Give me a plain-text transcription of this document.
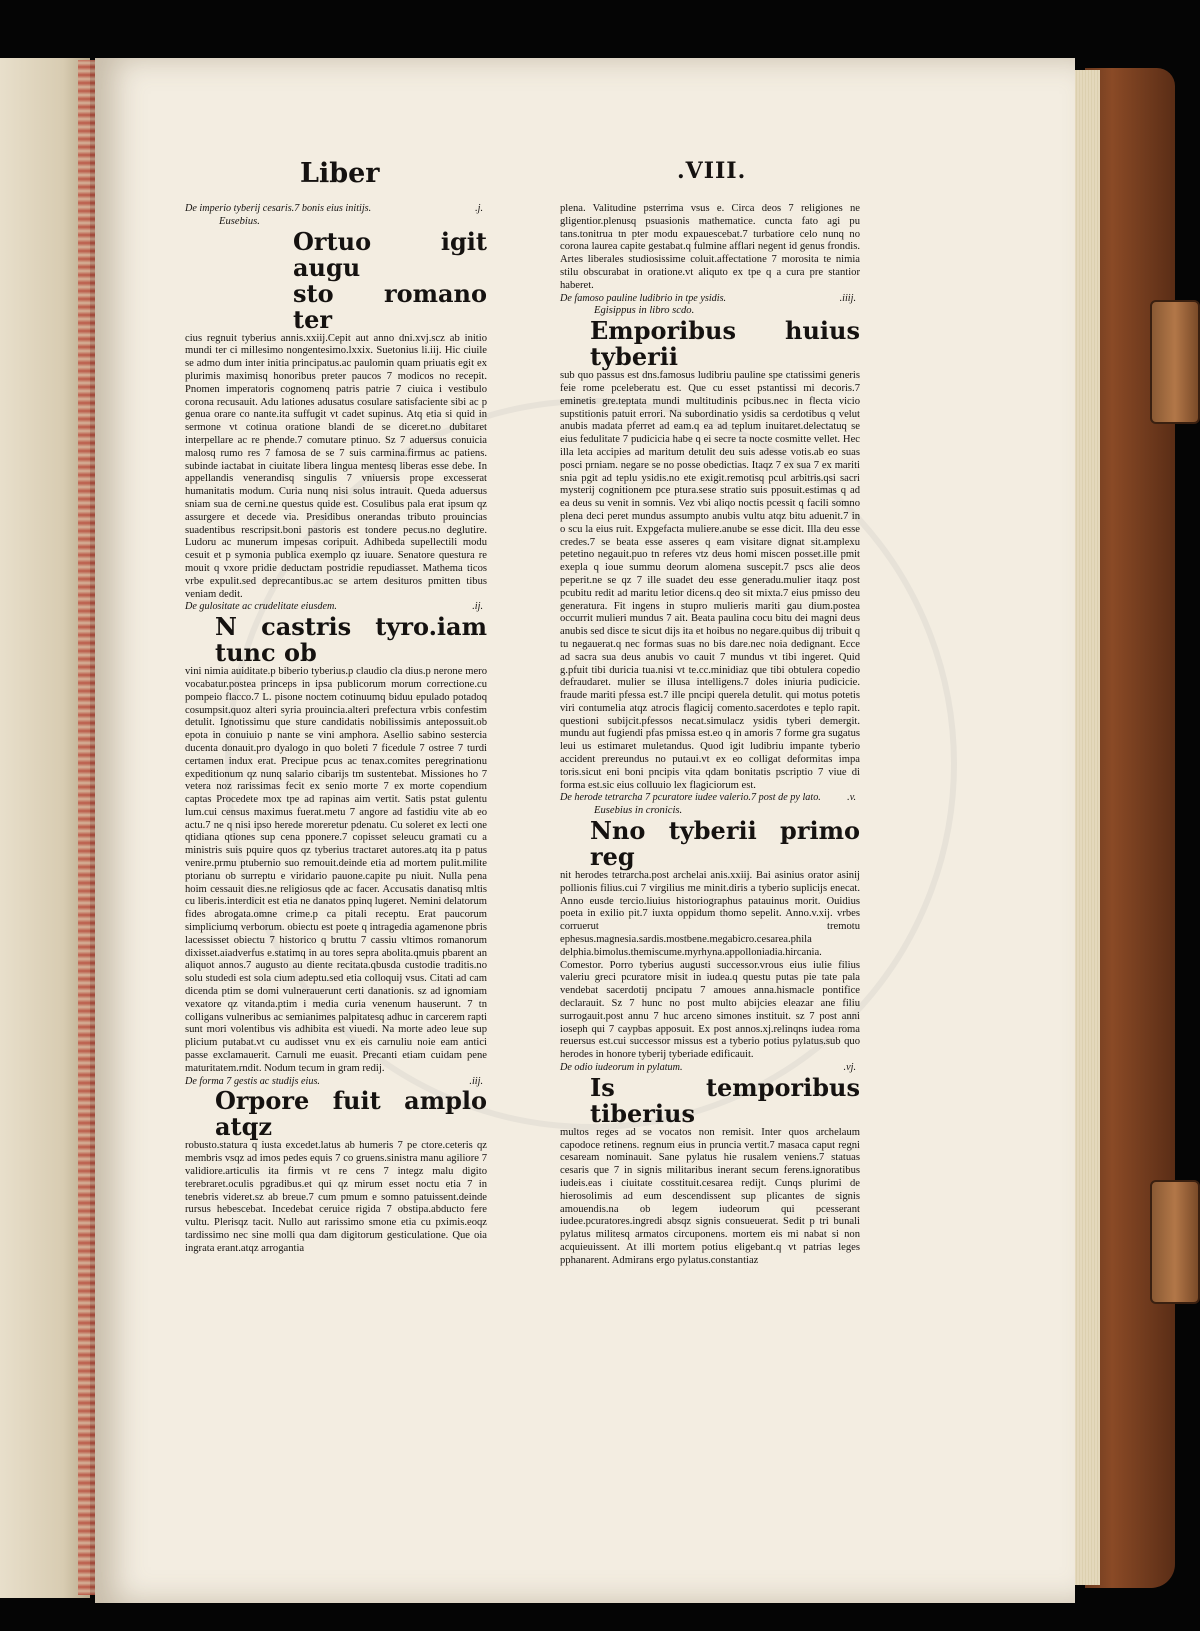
Liber	.VIII.
.j.
De imperio tyberij cesaris.7 bonis eius initijs.
Eusebius.
Ortuo igit augu
sto romano ter

cius regnuit tyberius annis.xxiij.Cepit aut anno dni.xvj.scz ab initio mundi ter ci millesimo nongentesimo.lxxix. Suetonius li.iij. Hic ciuile se admo dum inter initia principatus.ac paulomin quam priuatis egit ex plurimis maximisq honoribus preter paucos 7 modicos no recepit. Pnomen imperatoris cognomenq patris patrie 7 ciuica i vestibulo corona recusauit. Adu lationes adusatus cosulare satisfaciente sibi ac p genua orare co nante.ita suffugit vt cadet supinus. Atq etia si quid in sermone vt cotinua oratione blandi de se diceret.no dubitaret interpellare ac re phende.7 comutare ptinuo. Sz 7 aduersus conuicia malosq rumo res 7 famosa de se 7 suis carmina.firmus ac patiens. subinde iactabat in ciuitate libera lingua mentesq liberas esse debe. In appellandis venerandisq singulis 7 vniuersis prope excesserat humanitatis modum. Curia nunq nisi solus intrauit. Queda aduersus sniam sua de cerni.ne questus quide est. Cosulibus pala erat ipsum qz assurgere et decede via. Presidibus onerandas tributo prouincias suadentibus rescripsit.boni pastoris est tondere pecus.no deglutire. Ludoru ac munerum impesas coripuit. Adhibeda supellectili modu cesuit et p symonia publica exemplo qz iuuare. Senatore questura re mouit q vxore pridie deductam postridie repudiasset. Mathema ticos vrbe expulit.sed deprecantibus.ac se artem desituros pmitten tibus veniam dedit.

.ij.
De gulositate ac crudelitate eiusdem.
N castris tyro.iam tunc ob

vini nimia auiditate.p biberio tyberius.p claudio cla dius.p nerone mero vocabatur.postea princeps in ipsa publicorum morum correctione.cu pompeio flacco.7 L. pisone noctem cotinuumq biduu epulado potadoq cosumpsit.quoz alteri syria prouincia.alteri prefectura vrbis confestim detulit. Ignotissimu que sture candidatis nobilissimis antepossuit.ob epota in conuiuio p nante se vini amphora. Asellio sabino sestercia ducenta donauit.pro dyalogo in quo boleti 7 ficedule 7 ostree 7 turdi certamen indux erat. Precipue pcus ac tenax.comites peregrinationu expeditionum qz nunq salario cibarijs tm sustentebat. Missiones ho 7 vetera noz rarissimas fecit ex senio morte 7 ex morte copendium captas Procedete mox tpe ad rapinas aim vertit. Satis pstat gulentu lum.cui census maximus fuerat.metu 7 angore ad fastidiu vite ab eo actu.7 ne q nisi ipso herede moreretur pdenatu. Cu soleret ex lecti one qtidiana qtiones sup cena pponere.7 copisset seleucu gramati cu a ministris suis pquire quos qz tyberius tractaret autores.atq ita p patus venire.prmu ptubernio suo remouit.deinde etia ad mortem pulit.milite ptorianu ob surreptu e viridario pauone.capite pu niuit. Nulla pena hoim cessauit dies.ne religiosus qde ac facer. Accusatis danatisq mltis cu liberis.interdicit est etia ne danatos ppinq lugeret. Nemini delatorum fides abrogata.omne crime.p ca pitali receptu. Erat paucorum simpliciumq verborum. obiectu est poete q intragedia agamenone pbris lacessisset obiectu 7 historico q bruttu 7 cassiu vltimos romanorum dixisset.aiadverfus e.statimq in au tores sepra abolita.qmuis pbarent an aliquot annos.7 augusto au diente recitata.qbusda custodie traditis.no solu studedi est sola cium adeptu.sed etia colloquij vsus. Citati ad cam dicenda ptim se domi vulnerauerunt certi danationis. sz ad ignomiam vexatore qz vitanda.ptim i media curia venenum hauserunt. 7 tn colligans vulneribus ac semianimes palpitatesq adhuc in carcerem rapti sunt mori volentibus vis adhibita est viuedi. Na morte adeo leue sup plicium putabat.vt cu audisset vnu ex eis carnuliu noie eam antici passe exclamauerit. Carnuli me euasit. Precanti etiam cuidam pene maturitatem.rndit. Nodum tecum in gram redij.

.iij.
De forma 7 gestis ac studijs eius.
Orpore fuit amplo atqz

robusto.statura q iusta excedet.latus ab humeris 7 pe ctore.ceteris qz membris vsqz ad imos pedes equis 7 co gruens.sinistra manu agiliore 7 validiore.articulis ita firmis vt re cens 7 integz malu digito terebraret.oculis pgradibus.et qui qz mirum esset noctu etia 7 in tenebris videret.sz ab breue.7 cum pmum e somno patuissent.deinde rursus hebescebat. Incedebat ceruice rigida 7 obstipa.abducto fere vultu. Plerisqz tacit. Nullo aut rarissimo smone etia cu pximis.eoqz tardissimo nec sine molli qua dam digitorum gesticulatione. Que oia ingrata erant.atqz arrogantia

plena. Valitudine psterrima vsus e. Circa deos 7 religiones ne gligentior.plenusq psuasionis mathematice. cuncta fato agi pu tans.tonitrua tn pter modu expauescebat.7 turbatiore celo nunq no corona laurea capite gestabat.q fulmine afflari negent id genus frondis. Artes liberales studiosissime coluit.affectatione 7 morosita te nimia stilu obscurabat in oratione.vt aliquto ex tpe q a cura pre stantior haberet.

.iiij.
De famoso pauline ludibrio in tpe ysidis.
Egisippus in libro scdo.
Emporibus huius tyberii

sub quo passus est dns.famosus ludibriu pauline spe ctatissimi generis feie rome pceleberatu est. Que cu esset pstantissi mi decoris.7 eminetis gre.teptata mundi multitudinis pcibus.nec in flecta vicio supstitionis patuit errori. Na subordinatio ysidis sa cerdotibus q velut anubis madata pferret ad eam.q ea ad teplum inuitaret.delectatuq se eius fedulitate 7 pudicicia habe q ei secre ta nocte cosmitte vellet. Hec illa leta accipies ad maritum detulit deu suis adesse votis.ab eo suas posci prniam. negare se no posse obedictias. Itaqz 7 ex sua 7 ex mariti snia pgit ad teplu ysidis.no ete exigit.remotisq pcul arbitris.qsi sacri mysterij cognitionem pce ptura.sese stratio suis pposuit.estimas q ad ea deus su venit in somnis. Vez vbi aliqo noctis pcessit q facili somno plena deci peret mundus assumpto anubis vultu atqz bitu aduenit.7 in o scu la eius ruit. Expgefacta muliere.anube se esse dicit. Illa deu esse credes.7 se beata esse asseres q eam visitare dignat sit.amplexu petetino negauit.puo tn referes vtz deus homi miscen posset.ille pmit exepla q ioue summu deorum alomena suscepit.7 pscs alie deos peperit.ne se qz 7 ille suadet deu esse generadu.mulier itaqz post pcubitu redit ad maritu letior dicens.q deo sit mixta.7 eius pmisso deu generatura. Fit ingens in stupro mulieris mariti gau dium.postea occurrit mulieri mundus 7 ait. Beata paulina cocu bitu dei magni deus anubis sed disce te sicut dijs ita et hoibus no negare.quibus dij tribuit q tu negauerat.q nec formas suas no bis dare.nec noia dedignant. Ecce ad sacra sua deus anubis vo cauit 7 mundus vt tibi ingeret. Quid g.pfuit tibi duricia tua.nisi vt te.cc.minidiaz que tibi obtulera copedio defraudaret. mulier se illusa intelligens.7 doles iniuria pudicicie. fraude mariti pfessa est.7 ille pncipi querela detulit. qui motus potetis viri contumelia atqz atrocis flagicij comento.sacerdotes e teplo rapit. questioni subijcit.pfessos necat.simulacz ysidis tyberi demergit. mundu aut fugiendi pfas pmissa est.eo q in amoris 7 forme gra sugatus leui us estimaret muletandus. Quod igit ludibriu impante tyberio accident prereundus no putaui.vt ex eo colligat deformitas impa toris.sicut eni boni pncipis vita qdam bonitatis pscriptio 7 viue di forma est.sic eius colluuio lex flagiciorum est.

.v.
De herode tetrarcha 7 pcuratore iudee valerio.7 post de py lato.
Eusebius in cronicis.
Nno tyberii primo reg

nit herodes tetrarcha.post archelai anis.xxiij. Bai asinius orator asinij pollionis filius.cui 7 virgilius me minit.diris a tyberio suplicijs enecat. Anno eusde tercio.liuius historiographus patauinus morit. Ouidius poeta in exilio pit.7 iuxta oppidum thomo sepelit. Anno.v.xij. vrbes corruerut tremotu ephesus.magnesia.sardis.mostbene.megabicro.cesarea.phila delphia.bimolus.themiscume.myrhyna.appolloniadia.hircania. Comestor. Porro tyberius augusti successor.vrous eius iulie filius valeriu greci pcuratore misit in iudea.q questu putas pie tate pala vendebat sacerdotij pncipatu 7 amoues anna.hismacle pontifice declarauit. Sz 7 hunc no post multo abijcies eleazar ane filiu surrogauit.post annu 7 huc arceno simones instituit. sz 7 post anni ioseph qui 7 caypbas apposuit. Ex post annos.xj.relinqns iudea roma reuersus est.cui successor missus est a tyberio potius pylatus.sub quo herodes in honore tyberij tyberiade edificauit.

.vj.
De odio iudeorum in pylatum.
Is temporibus tiberius

multos reges ad se vocatos non remisit. Inter quos archelaum capodoce retinens. regnum eius in pruncia vertit.7 masaca caput regni cesaream nominauit. Sane pylatus hie rusalem veniens.7 statuas cesaris que 7 in signis militaribus inerant secum ferens.ignoratibus iudeis.eas i ciuitate cosstituit.cesarea redijt. Cunqs plurimi de hierosolimis ad eum descendissent sup plicantes de signis amouendis.na ob legem iudeorum qui pcesserant iudee.pcuratores.ingredi absqz signis consueuerat. Sedit p tri bunali pylatus militesq armatos circuponens. mortem eis mi nabat si non acquieuissent. At illi mortem potius eligebant.q vt patrias leges pphanarent. Admirans ergo pylatus.constantiaz
